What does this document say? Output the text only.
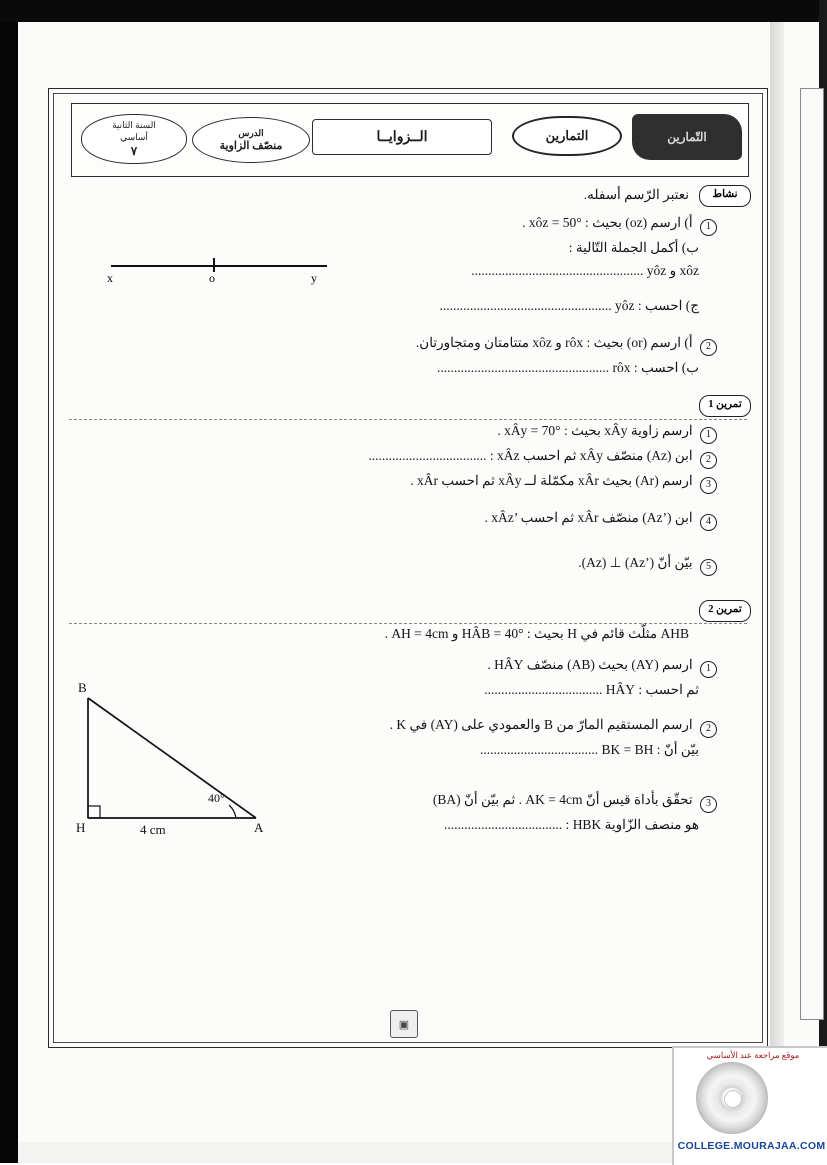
السنة الثانية
أساسي
٧
الدرس
منصّف الزاوية
الــزوايــا	التمارين	التّمارين
نشاط
نعتبر الرّسم أسفله.
1 أ) ارسم (oz) بحيث : xôz = 50° .
ب) أكمل الجملة التّالية :
xôz و yôz ...................................................
ج) احسب : yôz ...................................................
2 أ) ارسم (or) بحيث : rôx و xôz متتامتان ومتجاورتان.
ب) احسب : rôx ...................................................
x	o	y
تمرين 1
1 ارسم زاوية xÂy بحيث : xÂy = 70° .
2 ابن (Az) منصّف xÂy ثم احسب xÂz : ...................................
3 ارسم (Ar) بحيث xÂr مكمّلة لــ xÂy ثم احسب xÂr .
4 ابن (’Az) منصّف xÂr ثم احسب ’xÂz .
5 بيّن أنّ (’Az) ⊥ (Az).
تمرين 2
AHB مثلّث قائم في H بحيث : HÂB = 40° و AH = 4cm .
1 ارسم (AY) بحيث (AB) منصّف HÂY .
ثم احسب : HÂY ...................................
2 ارسم المستقيم المارّ من B والعمودي على (AY) في K .
بيّن أنّ : BK = BH ...................................
3 تحقّق بأداة قيس أنّ AK = 4cm . ثم بيّن أنّ (BA)
هو منصف الزّاوية HBK : ...................................
B
H	A
4 cm
40°
▣
موقع مراجعة عند الأساسي
COLLEGE.MOURAJAA.COM
